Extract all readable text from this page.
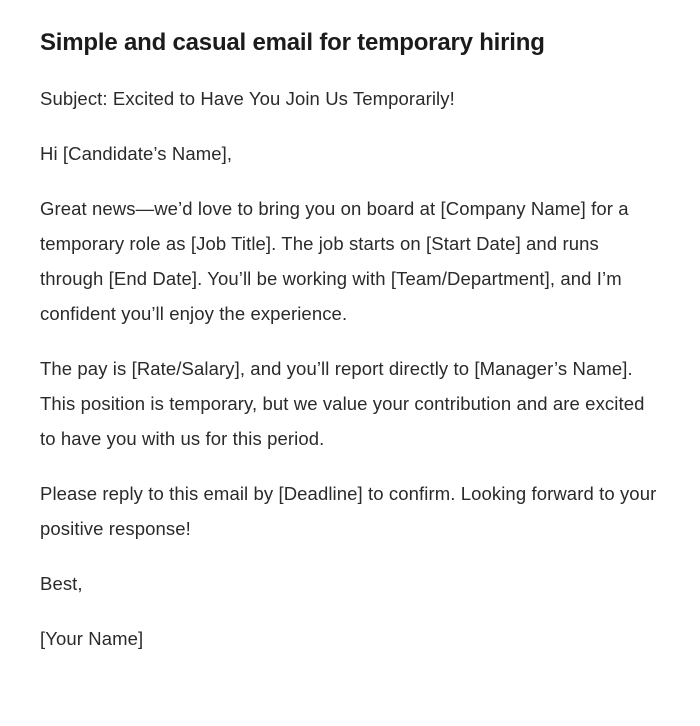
Simple and casual email for temporary hiring

Subject: Excited to Have You Join Us Temporarily!

Hi [Candidate’s Name],

Great news—we’d love to bring you on board at [Company Name] for a temporary role as [Job Title]. The job starts on [Start Date] and runs through [End Date]. You’ll be working with [Team/Department], and I’m confident you’ll enjoy the experience.

The pay is [Rate/Salary], and you’ll report directly to [Manager’s Name]. This position is temporary, but we value your contribution and are excited to have you with us for this period.

Please reply to this email by [Deadline] to confirm. Looking forward to your positive response!

Best,

[Your Name]
